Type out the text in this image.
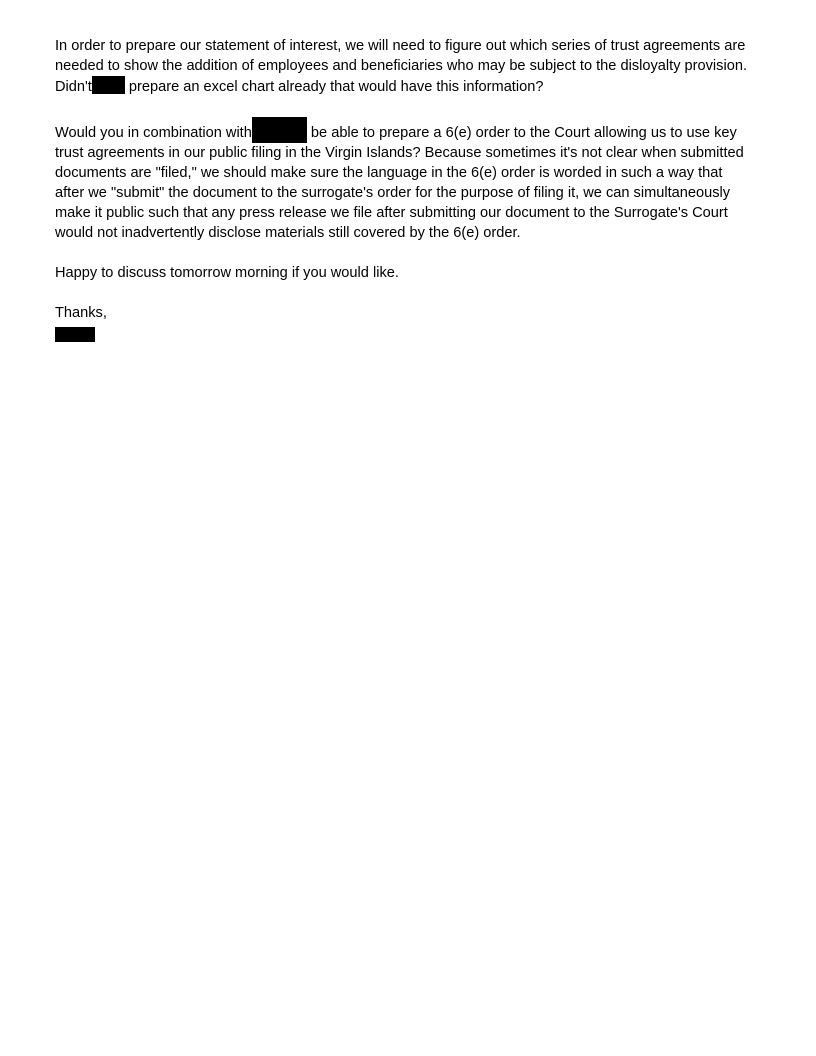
In order to prepare our statement of interest, we will need to figure out which series of trust agreements are
needed to show the addition of employees and beneficiaries who may be subject to the disloyalty provision.
Didn't prepare an excel chart already that would have this information?

Would you in combination with	be able to prepare a 6(e) order to the Court allowing us to use key
trust agreements in our public filing in the Virgin Islands? Because sometimes it's not clear when submitted
documents are "filed," we should make sure the language in the 6(e) order is worded in such a way that
after we "submit" the document to the surrogate's order for the purpose of filing it, we can simultaneously
make it public such that any press release we file after submitting our document to the Surrogate's Court
would not inadvertently disclose materials still covered by the 6(e) order.

Happy to discuss tomorrow morning if you would like.

Thanks,
